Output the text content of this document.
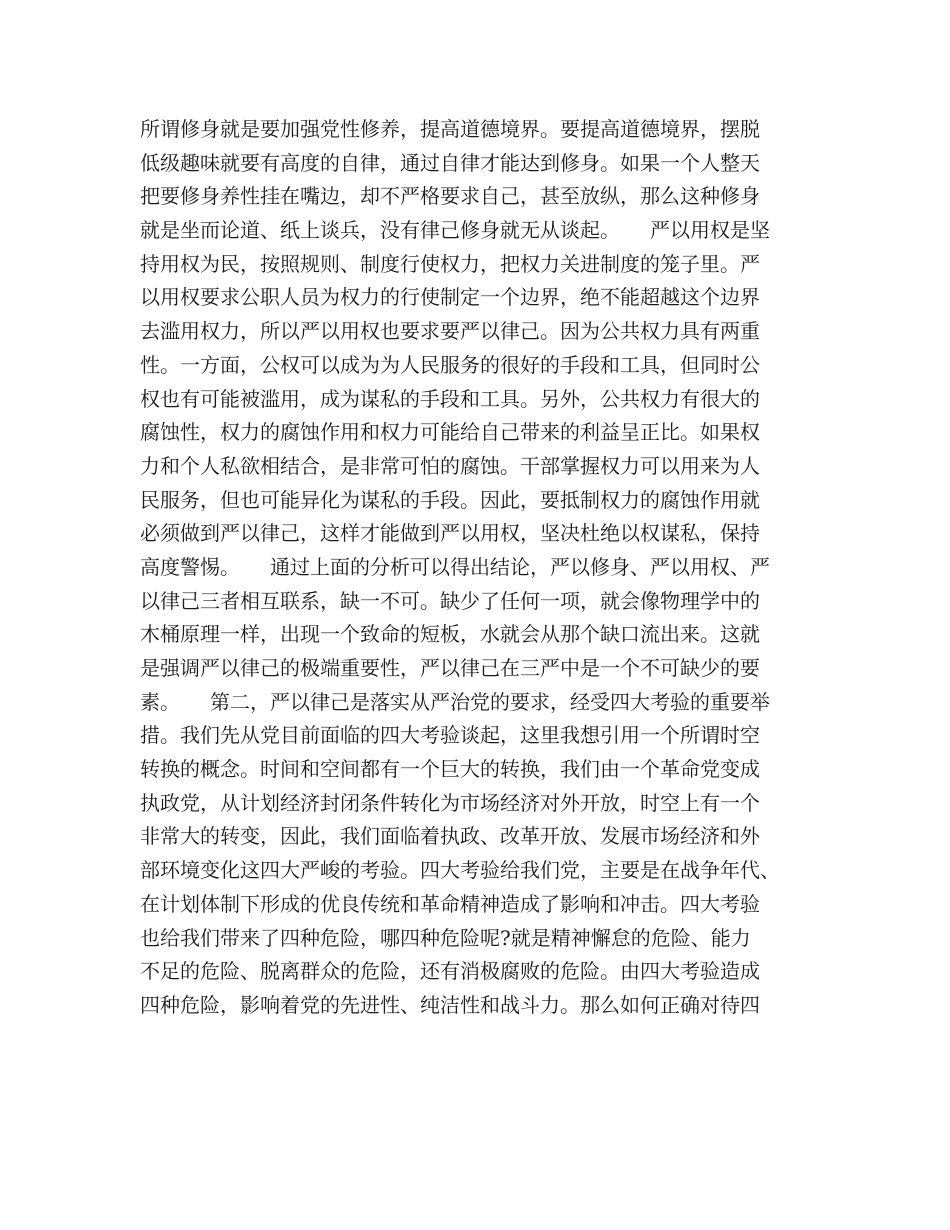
所谓修身就是要加强党性修养，提高道德境界。要提高道德境界，摆脱
低级趣味就要有高度的自律，通过自律才能达到修身。如果一个人整天
把要修身养性挂在嘴边，却不严格要求自己，甚至放纵，那么这种修身
就是坐而论道、纸上谈兵，没有律己修身就无从谈起。　　严以用权是坚
持用权为民，按照规则、制度行使权力，把权力关进制度的笼子里。严
以用权要求公职人员为权力的行使制定一个边界，绝不能超越这个边界
去滥用权力，所以严以用权也要求要严以律己。因为公共权力具有两重
性。一方面，公权可以成为为人民服务的很好的手段和工具，但同时公
权也有可能被滥用，成为谋私的手段和工具。另外，公共权力有很大的
腐蚀性，权力的腐蚀作用和权力可能给自己带来的利益呈正比。如果权
力和个人私欲相结合，是非常可怕的腐蚀。干部掌握权力可以用来为人
民服务，但也可能异化为谋私的手段。因此，要抵制权力的腐蚀作用就
必须做到严以律己，这样才能做到严以用权，坚决杜绝以权谋私，保持
高度警惕。　　通过上面的分析可以得出结论，严以修身、严以用权、严
以律己三者相互联系，缺一不可。缺少了任何一项，就会像物理学中的
木桶原理一样，出现一个致命的短板，水就会从那个缺口流出来。这就
是强调严以律己的极端重要性，严以律己在三严中是一个不可缺少的要
素。　　第二，严以律己是落实从严治党的要求，经受四大考验的重要举
措。我们先从党目前面临的四大考验谈起，这里我想引用一个所谓时空
转换的概念。时间和空间都有一个巨大的转换，我们由一个革命党变成
执政党，从计划经济封闭条件转化为市场经济对外开放，时空上有一个
非常大的转变，因此，我们面临着执政、改革开放、发展市场经济和外
部环境变化这四大严峻的考验。四大考验给我们党，主要是在战争年代、
在计划体制下形成的优良传统和革命精神造成了影响和冲击。四大考验
也给我们带来了四种危险，哪四种危险呢?就是精神懈怠的危险、能力
不足的危险、脱离群众的危险，还有消极腐败的危险。由四大考验造成
四种危险，影响着党的先进性、纯洁性和战斗力。那么如何正确对待四
